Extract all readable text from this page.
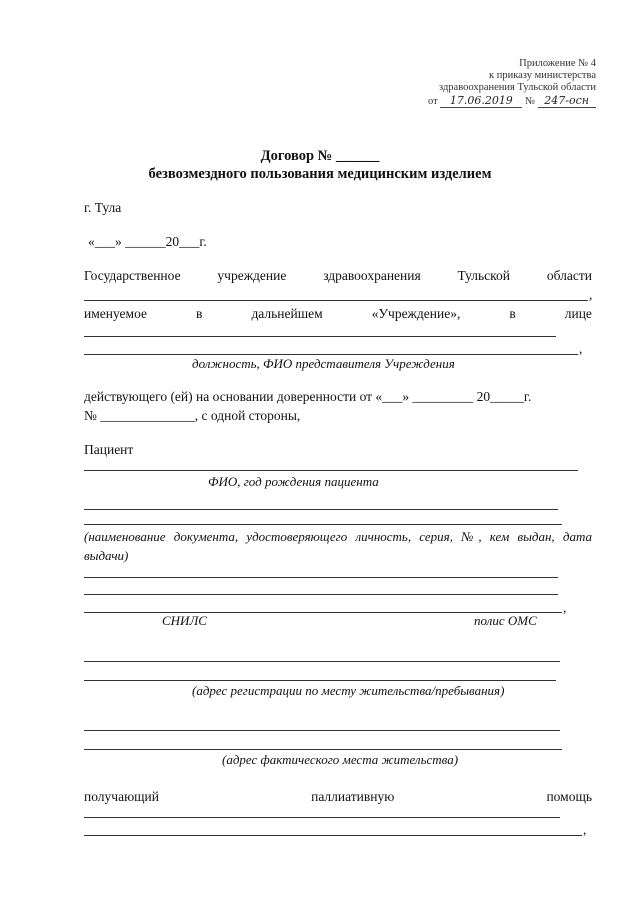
Приложение № 4
к приказу министерства
здравоохранения Тульской области
от 17.06.2019 № 247-осн
Договор № ______
безвозмездного пользования медицинским изделием
г. Тула
«___» ______20___г.
Государственное	учреждение	здравоохранения	Тульской	области
,
именуемое	в	дальнейшем	«Учреждение»,	в	лице
,
должность, ФИО представителя Учреждения
действующего (ей) на основании доверенности от «___» _________ 20_____г.
№ ______________, с одной стороны,
Пациент
ФИО, год рождения пациента
(наименование документа, удостоверяющего личность, серия, №, кем выдан, дата выдачи)
,
СНИЛС	полис ОМС
(адрес регистрации по месту жительства/пребывания)
(адрес фактического места жительства)
получающий	паллиативную	помощь
,
